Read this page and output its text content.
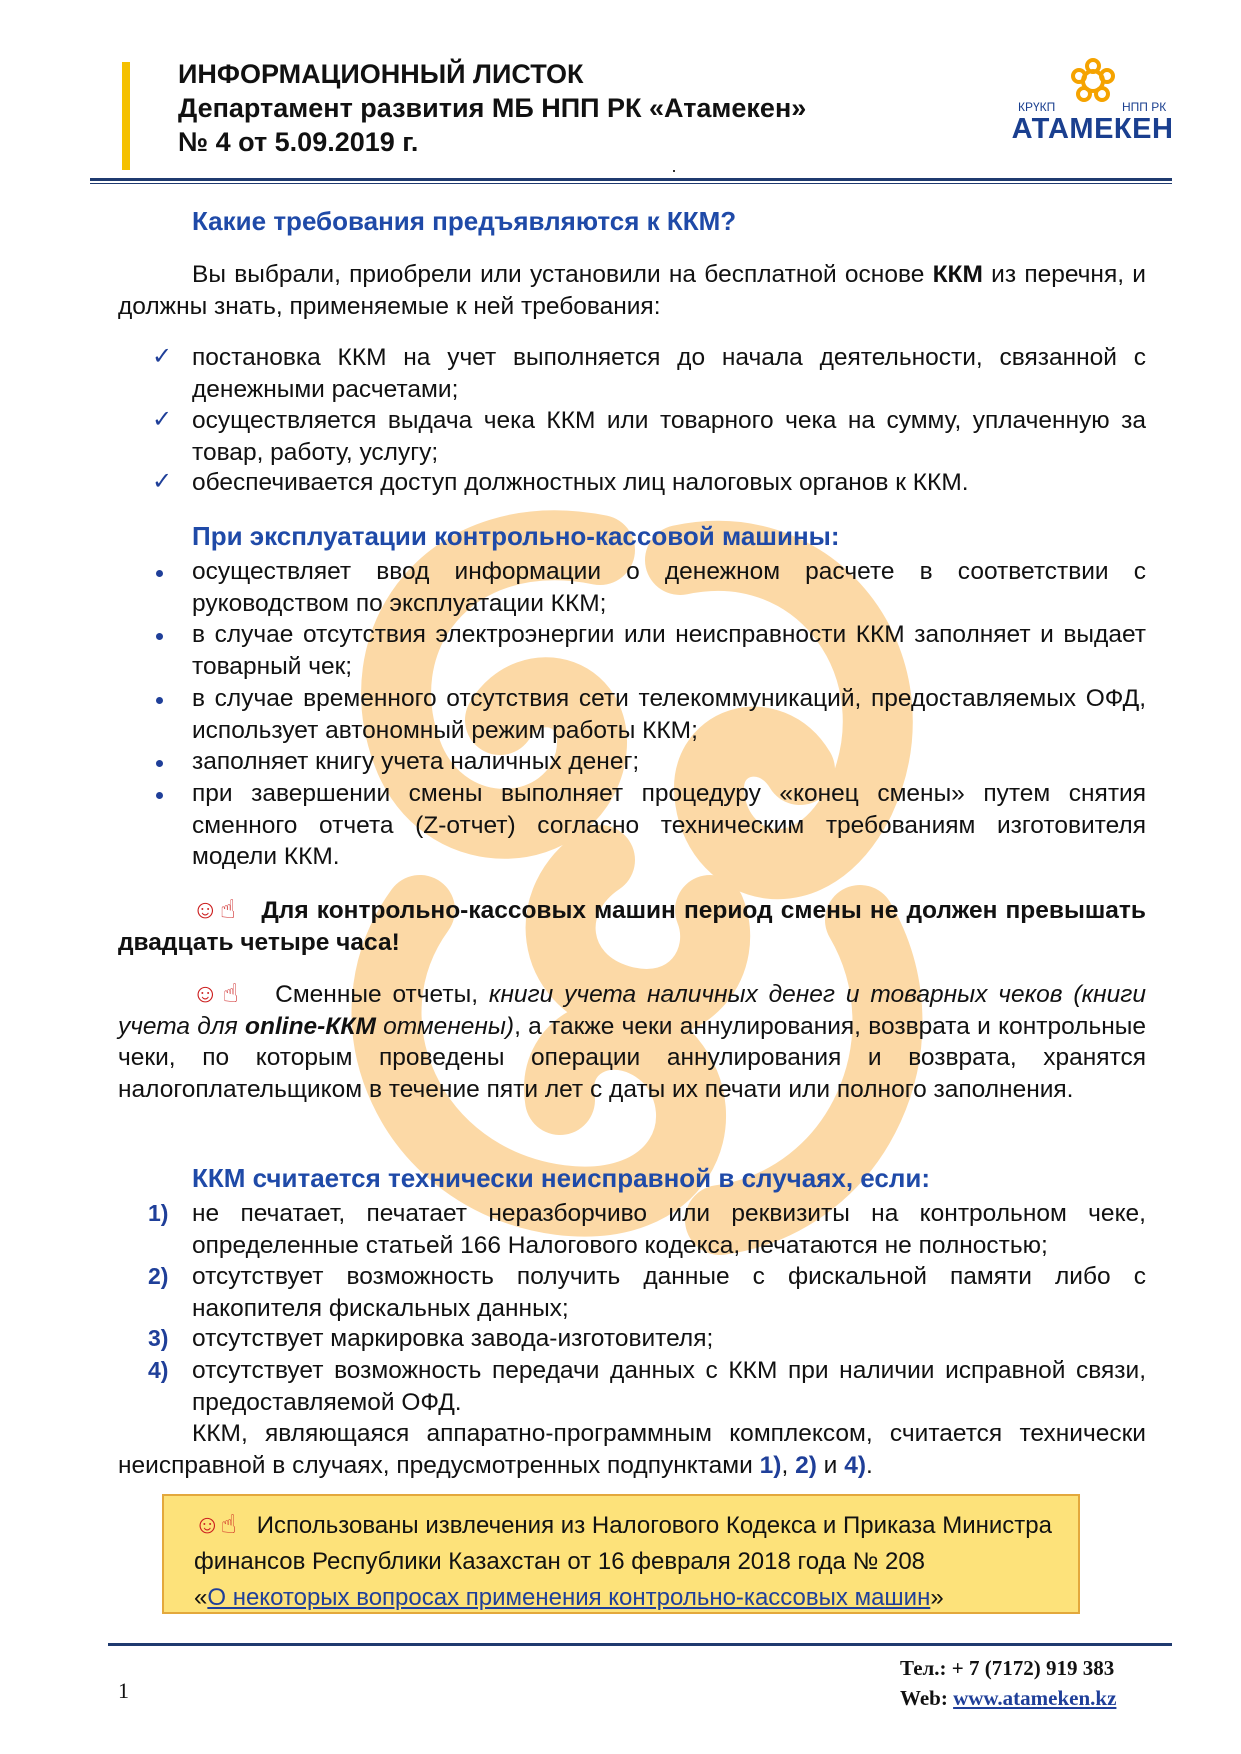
ИНФОРМАЦИОННЫЙ ЛИСТОК
Департамент развития МБ НПП РК «Атамекен»
№ 4 от 5.09.2019 г.
КРҮКП	НПП РК
АТАМЕКЕН
Какие требования предъявляются к ККМ?
Вы выбрали, приобрели или установили на бесплатной основе ККМ из перечня, и должны знать, применяемые к ней требования:
✓ постановка ККМ на учет выполняется до начала деятельности, связанной с денежными расчетами;
✓ осуществляется выдача чека ККМ или товарного чека на сумму, уплаченную за товар, работу, услугу;
✓ обеспечивается доступ должностных лиц налоговых органов к ККМ.
При эксплуатации контрольно-кассовой машины:
осуществляет ввод информации о денежном расчете в соответствии с руководством по эксплуатации ККМ;
в случае отсутствия электроэнергии или неисправности ККМ заполняет и выдает товарный чек;
в случае временного отсутствия сети телекоммуникаций, предоставляемых ОФД, использует автономный режим работы ККМ;
заполняет книгу учета наличных денег;
при завершении смены выполняет процедуру «конец смены» путем снятия сменного отчета (Z-отчет) согласно техническим требованиям изготовителя модели ККМ.
☺☝ Для контрольно-кассовых машин период смены не должен превышать двадцать четыре часа!
☺☝ Сменные отчеты, книги учета наличных денег и товарных чеков (книги учета для online-ККМ отменены), а также чеки аннулирования, возврата и контрольные чеки, по которым проведены операции аннулирования и возврата, хранятся налогоплательщиком в течение пяти лет с даты их печати или полного заполнения.
ККМ считается технически неисправной в случаях, если:
1) не печатает, печатает неразборчиво или реквизиты на контрольном чеке, определенные статьей 166 Налогового кодекса, печатаются не полностью;
2) отсутствует возможность получить данные с фискальной памяти либо с накопителя фискальных данных;
3) отсутствует маркировка завода-изготовителя;
4) отсутствует возможность передачи данных с ККМ при наличии исправной связи, предоставляемой ОФД.
ККМ, являющаяся аппаратно-программным комплексом, считается технически неисправной в случаях, предусмотренных подпунктами 1), 2) и 4).
☺☝ Использованы извлечения из Налогового Кодекса и Приказа Министра финансов Республики Казахстан от 16 февраля 2018 года № 208
«О некоторых вопросах применения контрольно-кассовых машин»
Тел.: + 7 (7172) 919 383
Web: www.atameken.kz
1
